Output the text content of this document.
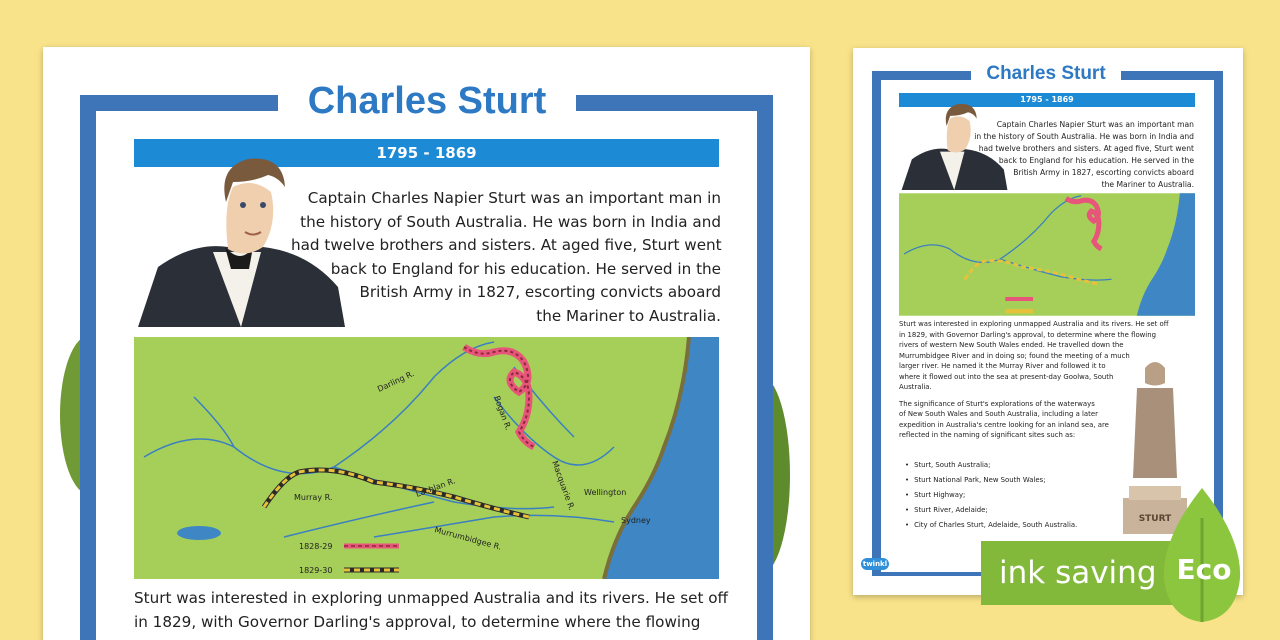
Charles Sturt
1795 - 1869
Captain Charles Napier Sturt was an important man in
the history of South Australia. He was born in India and
had twelve brothers and sisters. At aged five, Sturt went
back to England for his education. He served in the
British Army in 1827, escorting convicts aboard
the Mariner to Australia.
Darling R.
Bogan R.
Macquarie R. Wellington
Lachlan R.
Murray R.
Murrumbidgee R.
Sydney
1828-29
1829-30
Sturt was interested in exploring unmapped Australia and its rivers. He set off
in 1829, with Governor Darling's approval, to determine where the flowing
Charles Sturt
1795 - 1869
Captain Charles Napier Sturt was an important man
in the history of South Australia. He was born in India and
had twelve brothers and sisters. At aged five, Sturt went
back to England for his education. He served in the
British Army in 1827, escorting convicts aboard
the Mariner to Australia.
Sturt was interested in exploring unmapped Australia and its rivers. He set off
in 1829, with Governor Darling's approval, to determine where the flowing
rivers of western New South Wales ended. He travelled down the
Murrumbidgee River and in doing so; found the meeting of a much
larger river. He named it the Murray River and followed it to
where it flowed out into the sea at present-day Goolwa, South
Australia.
The significance of Sturt's explorations of the waterways
of New South Wales and South Australia, including a later
expedition in Australia's centre looking for an inland sea, are
reflected in the naming of significant sites such as:
• Sturt, South Australia;
• Sturt National Park, New South Wales;
• Sturt Highway;
• Sturt River, Adelaide;
• City of Charles Sturt, Adelaide, South Australia.
STURT
twinkl	ink saving Eco
